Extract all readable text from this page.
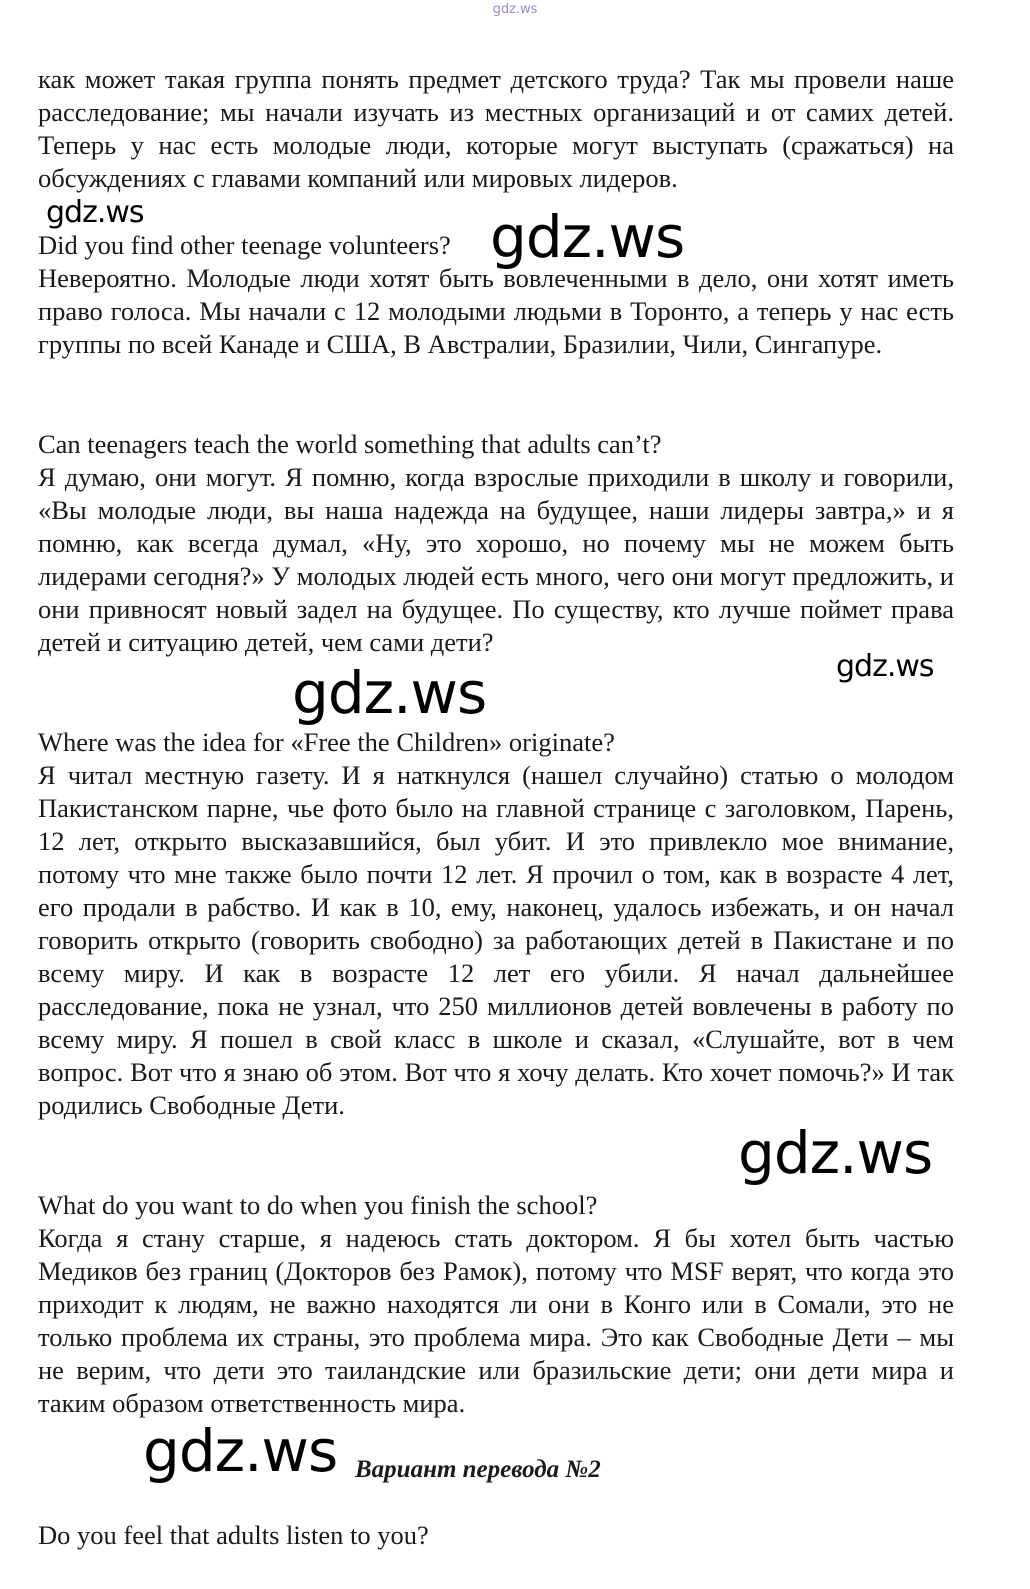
gdz.ws
как может такая группа понять предмет детского труда? Так мы провели наше расследование; мы начали изучать из местных организаций и от самих детей. Теперь у нас есть молодые люди, которые могут выступать (сражаться) на обсуждениях с главами компаний или мировых лидеров.
Did you find other teenage volunteers?
Невероятно. Молодые люди хотят быть вовлеченными в дело, они хотят иметь право голоса. Мы начали с 12 молодыми людьми в Торонто, а теперь у нас есть группы по всей Канаде и США, В Австралии, Бразилии, Чили, Сингапуре.
Can teenagers teach the world something that adults can’t?
Я думаю, они могут. Я помню, когда взрослые приходили в школу и говорили, «Вы молодые люди, вы наша надежда на будущее, наши лидеры завтра,» и я помню, как всегда думал, «Ну, это хорошо, но почему мы не можем быть лидерами сегодня?» У молодых людей есть много, чего они могут предложить, и они привносят новый задел на будущее. По существу, кто лучше поймет права детей и ситуацию детей, чем сами дети?
Where was the idea for «Free the Children» originate?
Я читал местную газету. И я наткнулся (нашел случайно) статью о молодом Пакистанском парне, чье фото было на главной странице с заголовком, Парень, 12 лет, открыто высказавшийся, был убит. И это привлекло мое внимание, потому что мне также было почти 12 лет. Я прочил о том, как в возрасте 4 лет, его продали в рабство. И как в 10, ему, наконец, удалось избежать, и он начал говорить открыто (говорить свободно) за работающих детей в Пакистане и по всему миру. И как в возрасте 12 лет его убили. Я начал дальнейшее расследование, пока не узнал, что 250 миллионов детей вовлечены в работу по всему миру. Я пошел в свой класс в школе и сказал, «Слушайте, вот в чем вопрос. Вот что я знаю об этом. Вот что я хочу делать. Кто хочет помочь?» И так родились Свободные Дети.
What do you want to do when you finish the school?
Когда я стану старше, я надеюсь стать доктором. Я бы хотел быть частью Медиков без границ (Докторов без Рамок), потому что MSF верят, что когда это приходит к людям, не важно находятся ли они в Конго или в Сомали, это не только проблема их страны, это проблема мира. Это как Свободные Дети – мы не верим, что дети это таиландские или бразильские дети; они дети мира и таким образом ответственность мира.
Вариант перевода №2
Do you feel that adults listen to you?
gdz.ws	gdz.ws
gdz.ws
gdz.ws
gdz.ws
gdz.ws
